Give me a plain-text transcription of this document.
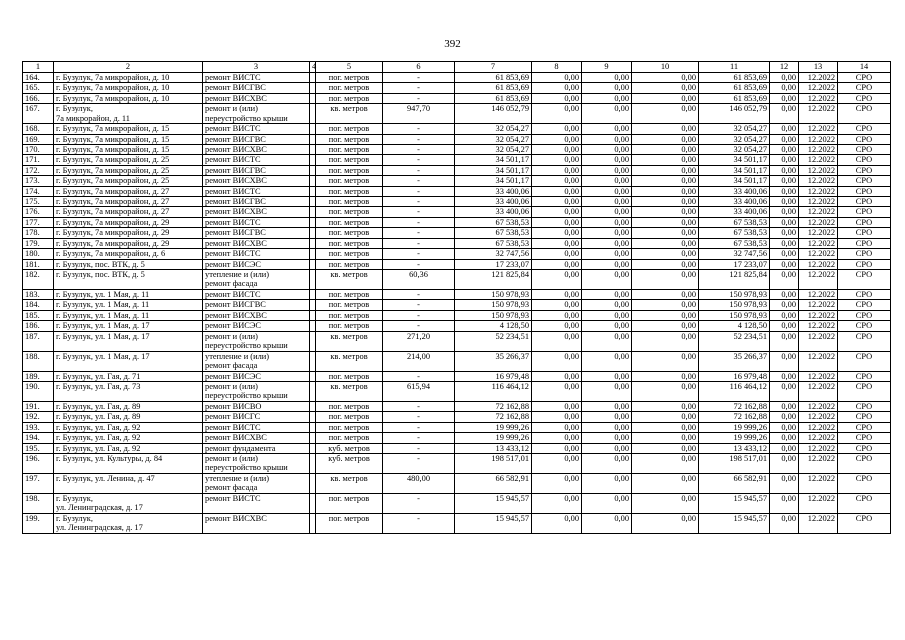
392
1	2	3	4	5	6	7	8	9	10	11	12	13	14
164.	г. Бузулук, 7а микрорайон, д. 10	ремонт ВИСТС		пог. метров	-	61 853,69	0,00	0,00	0,00	61 853,69	0,00	12.2022	СРО
165.	г. Бузулук, 7а микрорайон, д. 10	ремонт ВИСГВС		пог. метров	-	61 853,69	0,00	0,00	0,00	61 853,69	0,00	12.2022	СРО
166.	г. Бузулук, 7а микрорайон, д. 10	ремонт ВИСХВС		пог. метров	-	61 853,69	0,00	0,00	0,00	61 853,69	0,00	12.2022	СРО
167.	г. Бузулук,
7а микрорайон, д. 11	ремонт и (или)
переустройство крыши		кв. метров	947,70	146 052,79	0,00	0,00	0,00	146 052,79	0,00	12.2022	СРО
168.	г. Бузулук, 7а микрорайон, д. 15	ремонт ВИСТС		пог. метров	-	32 054,27	0,00	0,00	0,00	32 054,27	0,00	12.2022	СРО
169.	г. Бузулук, 7а микрорайон, д. 15	ремонт ВИСГВС		пог. метров	-	32 054,27	0,00	0,00	0,00	32 054,27	0,00	12.2022	СРО
170.	г. Бузулук, 7а микрорайон, д. 15	ремонт ВИСХВС		пог. метров	-	32 054,27	0,00	0,00	0,00	32 054,27	0,00	12.2022	СРО
171.	г. Бузулук, 7а микрорайон, д. 25	ремонт ВИСТС		пог. метров	-	34 501,17	0,00	0,00	0,00	34 501,17	0,00	12.2022	СРО
172.	г. Бузулук, 7а микрорайон, д. 25	ремонт ВИСГВС		пог. метров	-	34 501,17	0,00	0,00	0,00	34 501,17	0,00	12.2022	СРО
173.	г. Бузулук, 7а микрорайон, д. 25	ремонт ВИСХВС		пог. метров	-	34 501,17	0,00	0,00	0,00	34 501,17	0,00	12.2022	СРО
174.	г. Бузулук, 7а микрорайон, д. 27	ремонт ВИСТС		пог. метров	-	33 400,06	0,00	0,00	0,00	33 400,06	0,00	12.2022	СРО
175.	г. Бузулук, 7а микрорайон, д. 27	ремонт ВИСГВС		пог. метров	-	33 400,06	0,00	0,00	0,00	33 400,06	0,00	12.2022	СРО
176.	г. Бузулук, 7а микрорайон, д. 27	ремонт ВИСХВС		пог. метров	-	33 400,06	0,00	0,00	0,00	33 400,06	0,00	12.2022	СРО
177.	г. Бузулук, 7а микрорайон, д. 29	ремонт ВИСТС		пог. метров	-	67 538,53	0,00	0,00	0,00	67 538,53	0,00	12.2022	СРО
178.	г. Бузулук, 7а микрорайон, д. 29	ремонт ВИСГВС		пог. метров	-	67 538,53	0,00	0,00	0,00	67 538,53	0,00	12.2022	СРО
179.	г. Бузулук, 7а микрорайон, д. 29	ремонт ВИСХВС		пог. метров	-	67 538,53	0,00	0,00	0,00	67 538,53	0,00	12.2022	СРО
180.	г. Бузулук, 7а микрорайон, д. 6	ремонт ВИСТС		пог. метров	-	32 747,56	0,00	0,00	0,00	32 747,56	0,00	12.2022	СРО
181.	г. Бузулук, пос. ВТК, д. 5	ремонт ВИСЭС		пог. метров	-	17 233,07	0,00	0,00	0,00	17 233,07	0,00	12.2022	СРО
182.	г. Бузулук, пос. ВТК, д. 5	утепление и (или)
ремонт фасада		кв. метров	60,36	121 825,84	0,00	0,00	0,00	121 825,84	0,00	12.2022	СРО
183.	г. Бузулук, ул. 1 Мая, д. 11	ремонт ВИСТС		пог. метров	-	150 978,93	0,00	0,00	0,00	150 978,93	0,00	12.2022	СРО
184.	г. Бузулук, ул. 1 Мая, д. 11	ремонт ВИСГВС		пог. метров	-	150 978,93	0,00	0,00	0,00	150 978,93	0,00	12.2022	СРО
185.	г. Бузулук, ул. 1 Мая, д. 11	ремонт ВИСХВС		пог. метров	-	150 978,93	0,00	0,00	0,00	150 978,93	0,00	12.2022	СРО
186.	г. Бузулук, ул. 1 Мая, д. 17	ремонт ВИСЭС		пог. метров	-	4 128,50	0,00	0,00	0,00	4 128,50	0,00	12.2022	СРО
187.	г. Бузулук, ул. 1 Мая, д. 17	ремонт и (или)
переустройство крыши		кв. метров	271,20	52 234,51	0,00	0,00	0,00	52 234,51	0,00	12.2022	СРО
188.	г. Бузулук, ул. 1 Мая, д. 17	утепление и (или)
ремонт фасада		кв. метров	214,00	35 266,37	0,00	0,00	0,00	35 266,37	0,00	12.2022	СРО
189.	г. Бузулук, ул. Гая, д. 71	ремонт ВИСЭС		пог. метров	-	16 979,48	0,00	0,00	0,00	16 979,48	0,00	12.2022	СРО
190.	г. Бузулук, ул. Гая, д. 73	ремонт и (или)
переустройство крыши		кв. метров	615,94	116 464,12	0,00	0,00	0,00	116 464,12	0,00	12.2022	СРО
191.	г. Бузулук, ул. Гая, д. 89	ремонт ВИСВО		пог. метров	-	72 162,88	0,00	0,00	0,00	72 162,88	0,00	12.2022	СРО
192.	г. Бузулук, ул. Гая, д. 89	ремонт ВИСГС		пог. метров	-	72 162,88	0,00	0,00	0,00	72 162,88	0,00	12.2022	СРО
193.	г. Бузулук, ул. Гая, д. 92	ремонт ВИСТС		пог. метров	-	19 999,26	0,00	0,00	0,00	19 999,26	0,00	12.2022	СРО
194.	г. Бузулук, ул. Гая, д. 92	ремонт ВИСХВС		пог. метров	-	19 999,26	0,00	0,00	0,00	19 999,26	0,00	12.2022	СРО
195.	г. Бузулук, ул. Гая, д. 92	ремонт фундамента		куб. метров	-	13 433,12	0,00	0,00	0,00	13 433,12	0,00	12.2022	СРО
196.	г. Бузулук, ул. Культуры, д. 84	ремонт и (или)
переустройство крыши		куб. метров	-	198 517,01	0,00	0,00	0,00	198 517,01	0,00	12.2022	СРО
197.	г. Бузулук, ул. Ленина, д. 47	утепление и (или)
ремонт фасада		кв. метров	480,00	66 582,91	0,00	0,00	0,00	66 582,91	0,00	12.2022	СРО
198.	г. Бузулук,
ул. Ленинградская, д. 17	ремонт ВИСТС		пог. метров	-	15 945,57	0,00	0,00	0,00	15 945,57	0,00	12.2022	СРО
199.	г. Бузулук,
ул. Ленинградская, д. 17	ремонт ВИСХВС		пог. метров	-	15 945,57	0,00	0,00	0,00	15 945,57	0,00	12.2022	СРО
